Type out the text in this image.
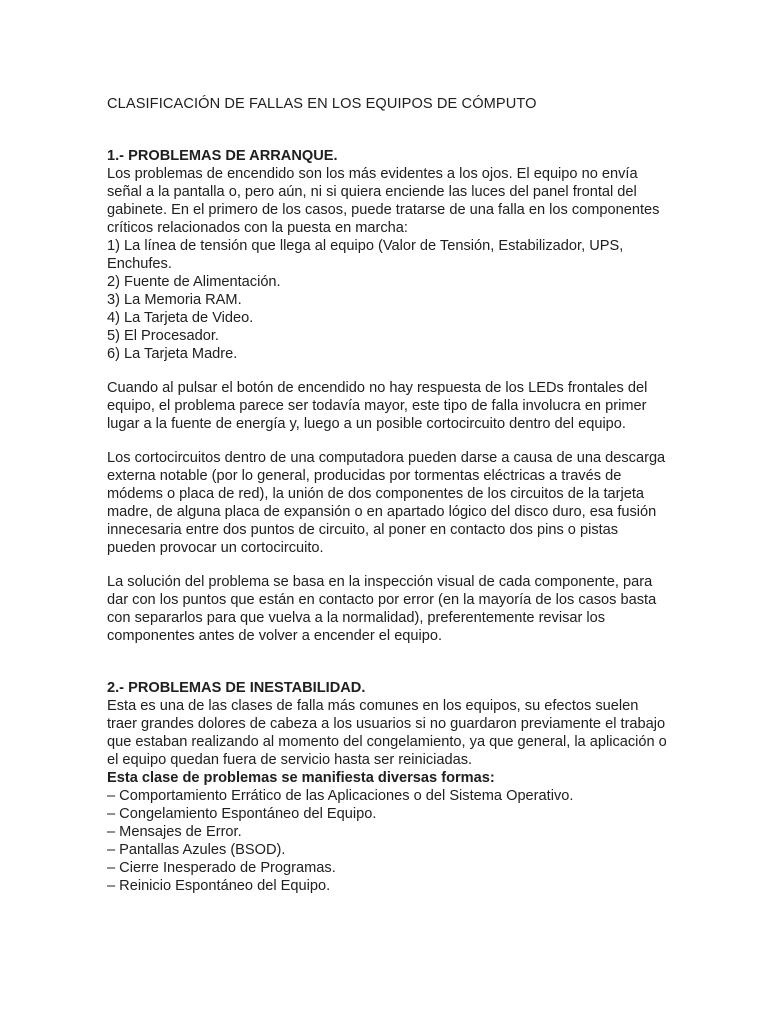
CLASIFICACIÓN DE FALLAS EN LOS EQUIPOS DE CÓMPUTO
1.- PROBLEMAS DE ARRANQUE.

Los problemas de encendido son los más evidentes a los ojos. El equipo no envía señal a la pantalla o, pero aún, ni si quiera enciende las luces del panel frontal del gabinete. En el primero de los casos, puede tratarse de una falla en los componentes críticos relacionados con la puesta en marcha:

1) La línea de tensión que llega al equipo (Valor de Tensión, Estabilizador, UPS, Enchufes.
2) Fuente de Alimentación.
3) La Memoria RAM.
4) La Tarjeta de Video.
5) El Procesador.
6) La Tarjeta Madre.

Cuando al pulsar el botón de encendido no hay respuesta de los LEDs frontales del equipo, el problema parece ser todavía mayor, este tipo de falla involucra en primer lugar a la fuente de energía y, luego a un posible cortocircuito dentro del equipo.

Los cortocircuitos dentro de una computadora pueden darse a causa de una descarga externa notable (por lo general, producidas por tormentas eléctricas a través de módems o placa de red), la unión de dos componentes de los circuitos de la tarjeta madre, de alguna placa de expansión o en apartado lógico del disco duro, esa fusión innecesaria entre dos puntos de circuito, al poner en contacto dos pins o pistas pueden provocar un cortocircuito.

La solución del problema se basa en la inspección visual de cada componente, para dar con los puntos que están en contacto por error (en la mayoría de los casos basta con separarlos para que vuelva a la normalidad), preferentemente revisar los componentes antes de volver a encender el equipo.

2.- PROBLEMAS DE INESTABILIDAD.

Esta es una de las clases de falla más comunes en los equipos, su efectos suelen traer grandes dolores de cabeza a los usuarios si no guardaron previamente el trabajo que estaban realizando al momento del congelamiento, ya que general, la aplicación o el equipo quedan fuera de servicio hasta ser reiniciadas.

Esta clase de problemas se manifiesta diversas formas:
– Comportamiento Errático de las Aplicaciones o del Sistema Operativo.
– Congelamiento Espontáneo del Equipo.
– Mensajes de Error.
– Pantallas Azules (BSOD).
– Cierre Inesperado de Programas.
– Reinicio Espontáneo del Equipo.
